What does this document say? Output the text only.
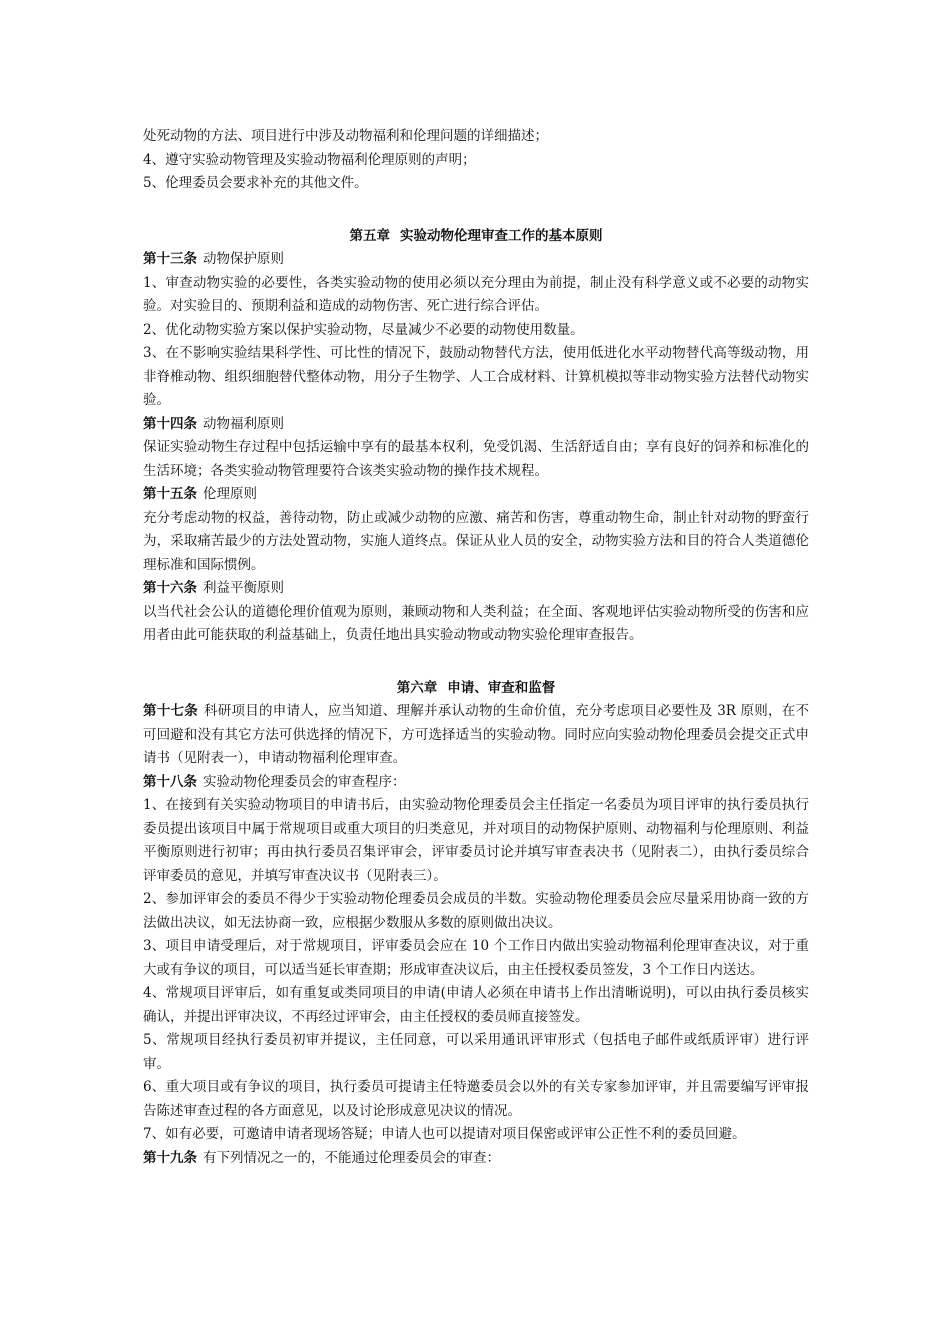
处死动物的方法、项目进行中涉及动物福利和伦理问题的详细描述；

4、遵守实验动物管理及实验动物福利伦理原则的声明；

5、伦理委员会要求补充的其他文件。

第五章 实验动物伦理审查工作的基本原则

第十三条 动物保护原则

1、审查动物实验的必要性，各类实验动物的使用必须以充分理由为前提，制止没有科学意义或不必要的动物实验。对实验目的、预期利益和造成的动物伤害、死亡进行综合评估。

2、优化动物实验方案以保护实验动物，尽量减少不必要的动物使用数量。

3、在不影响实验结果科学性、可比性的情况下，鼓励动物替代方法，使用低进化水平动物替代高等级动物，用非脊椎动物、组织细胞替代整体动物，用分子生物学、人工合成材料、计算机模拟等非动物实验方法替代动物实验。

第十四条 动物福利原则

保证实验动物生存过程中包括运输中享有的最基本权利，免受饥渴、生活舒适自由；享有良好的饲养和标准化的生活环境；各类实验动物管理要符合该类实验动物的操作技术规程。

第十五条 伦理原则

充分考虑动物的权益，善待动物，防止或减少动物的应激、痛苦和伤害，尊重动物生命，制止针对动物的野蛮行为，采取痛苦最少的方法处置动物，实施人道终点。保证从业人员的安全，动物实验方法和目的符合人类道德伦理标准和国际惯例。

第十六条 利益平衡原则

以当代社会公认的道德伦理价值观为原则，兼顾动物和人类利益；在全面、客观地评估实验动物所受的伤害和应用者由此可能获取的利益基础上，负责任地出具实验动物或动物实验伦理审查报告。

第六章 申请、审查和监督

第十七条 科研项目的申请人，应当知道、理解并承认动物的生命价值，充分考虑项目必要性及 3R 原则，在不可回避和没有其它方法可供选择的情况下，方可选择适当的实验动物。同时应向实验动物伦理委员会提交正式申请书（见附表一），申请动物福利伦理审查。

第十八条 实验动物伦理委员会的审查程序：

1、在接到有关实验动物项目的申请书后，由实验动物伦理委员会主任指定一名委员为项目评审的执行委员执行委员提出该项目中属于常规项目或重大项目的归类意见，并对项目的动物保护原则、动物福利与伦理原则、利益平衡原则进行初审；再由执行委员召集评审会，评审委员讨论并填写审查表决书（见附表二），由执行委员综合评审委员的意见，并填写审查决议书（见附表三）。

2、参加评审会的委员不得少于实验动物伦理委员会成员的半数。实验动物伦理委员会应尽量采用协商一致的方法做出决议，如无法协商一致，应根据少数服从多数的原则做出决议。

3、项目申请受理后，对于常规项目，评审委员会应在 10 个工作日内做出实验动物福利伦理审查决议，对于重大或有争议的项目，可以适当延长审查期；形成审查决议后，由主任授权委员签发，3 个工作日内送达。

4、常规项目评审后，如有重复或类同项目的申请(申请人必须在申请书上作出清晰说明)，可以由执行委员核实确认，并提出评审决议，不再经过评审会，由主任授权的委员师直接签发。

5、常规项目经执行委员初审并提议，主任同意，可以采用通讯评审形式（包括电子邮件或纸质评审）进行评审。

6、重大项目或有争议的项目，执行委员可提请主任特邀委员会以外的有关专家参加评审，并且需要编写评审报告陈述审查过程的各方面意见，以及讨论形成意见决议的情况。

7、如有必要，可邀请申请者现场答疑；申请人也可以提请对项目保密或评审公正性不利的委员回避。

第十九条 有下列情况之一的，不能通过伦理委员会的审查：
